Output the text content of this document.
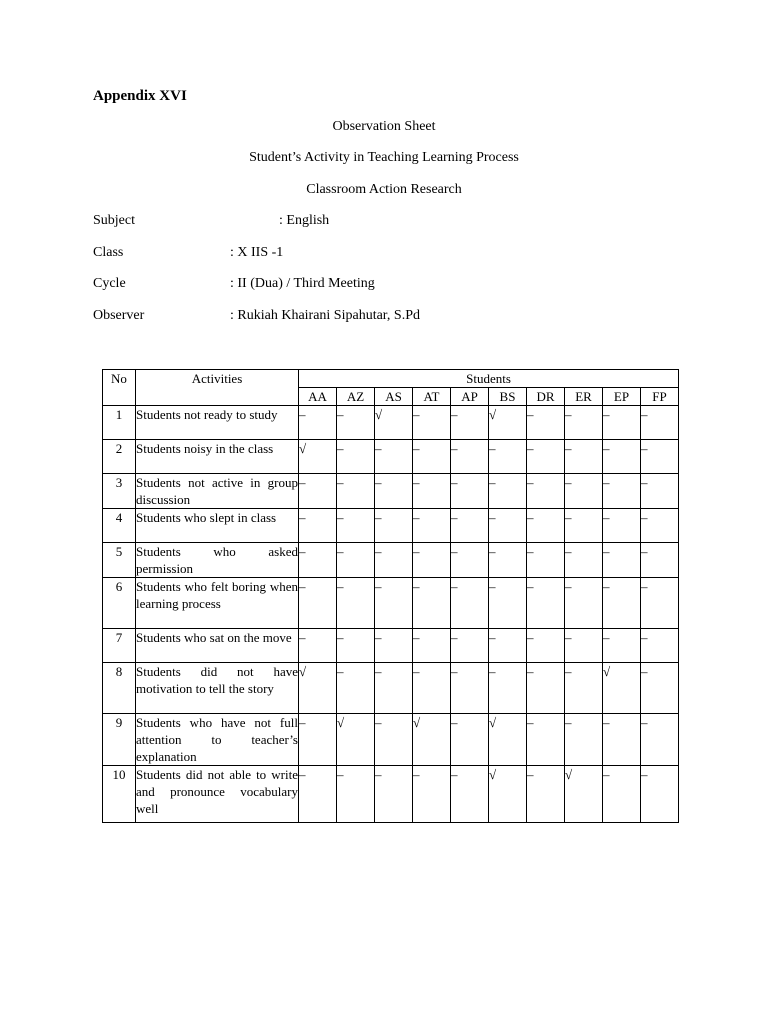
Appendix XVI
Observation Sheet
Student’s Activity in Teaching Learning Process
Classroom Action Research
Subject	: English
Class	: X IIS -1
Cycle	: II (Dua) / Third Meeting
Observer	: Rukiah Khairani Sipahutar, S.Pd
No	Activities	Students									
		AA	AZ	AS	AT	AP	BS	DR	ER	EP	FP
1	Students not ready to study	–	–	√	–	–	√	–	–	–	–
2	Students noisy in the class	√	–	–	–	–	–	–	–	–	–
3	Students not active in group discussion	–	–	–	–	–	–	–	–	–	–
4	Students who slept in class	–	–	–	–	–	–	–	–	–	–
5	Students who asked permission	–	–	–	–	–	–	–	–	–	–
6	Students who felt boring when learning process	–	–	–	–	–	–	–	–	–	–
7	Students who sat on the move	–	–	–	–	–	–	–	–	–	–
8	Students did not have motivation to tell the story	√	–	–	–	–	–	–	–	√	–
9	Students who have not full attention to teacher’s explanation	–	√	–	√	–	√	–	–	–	–
10	Students did not able to write and pronounce vocabulary well	–	–	–	–	–	√	–	√	–	–
